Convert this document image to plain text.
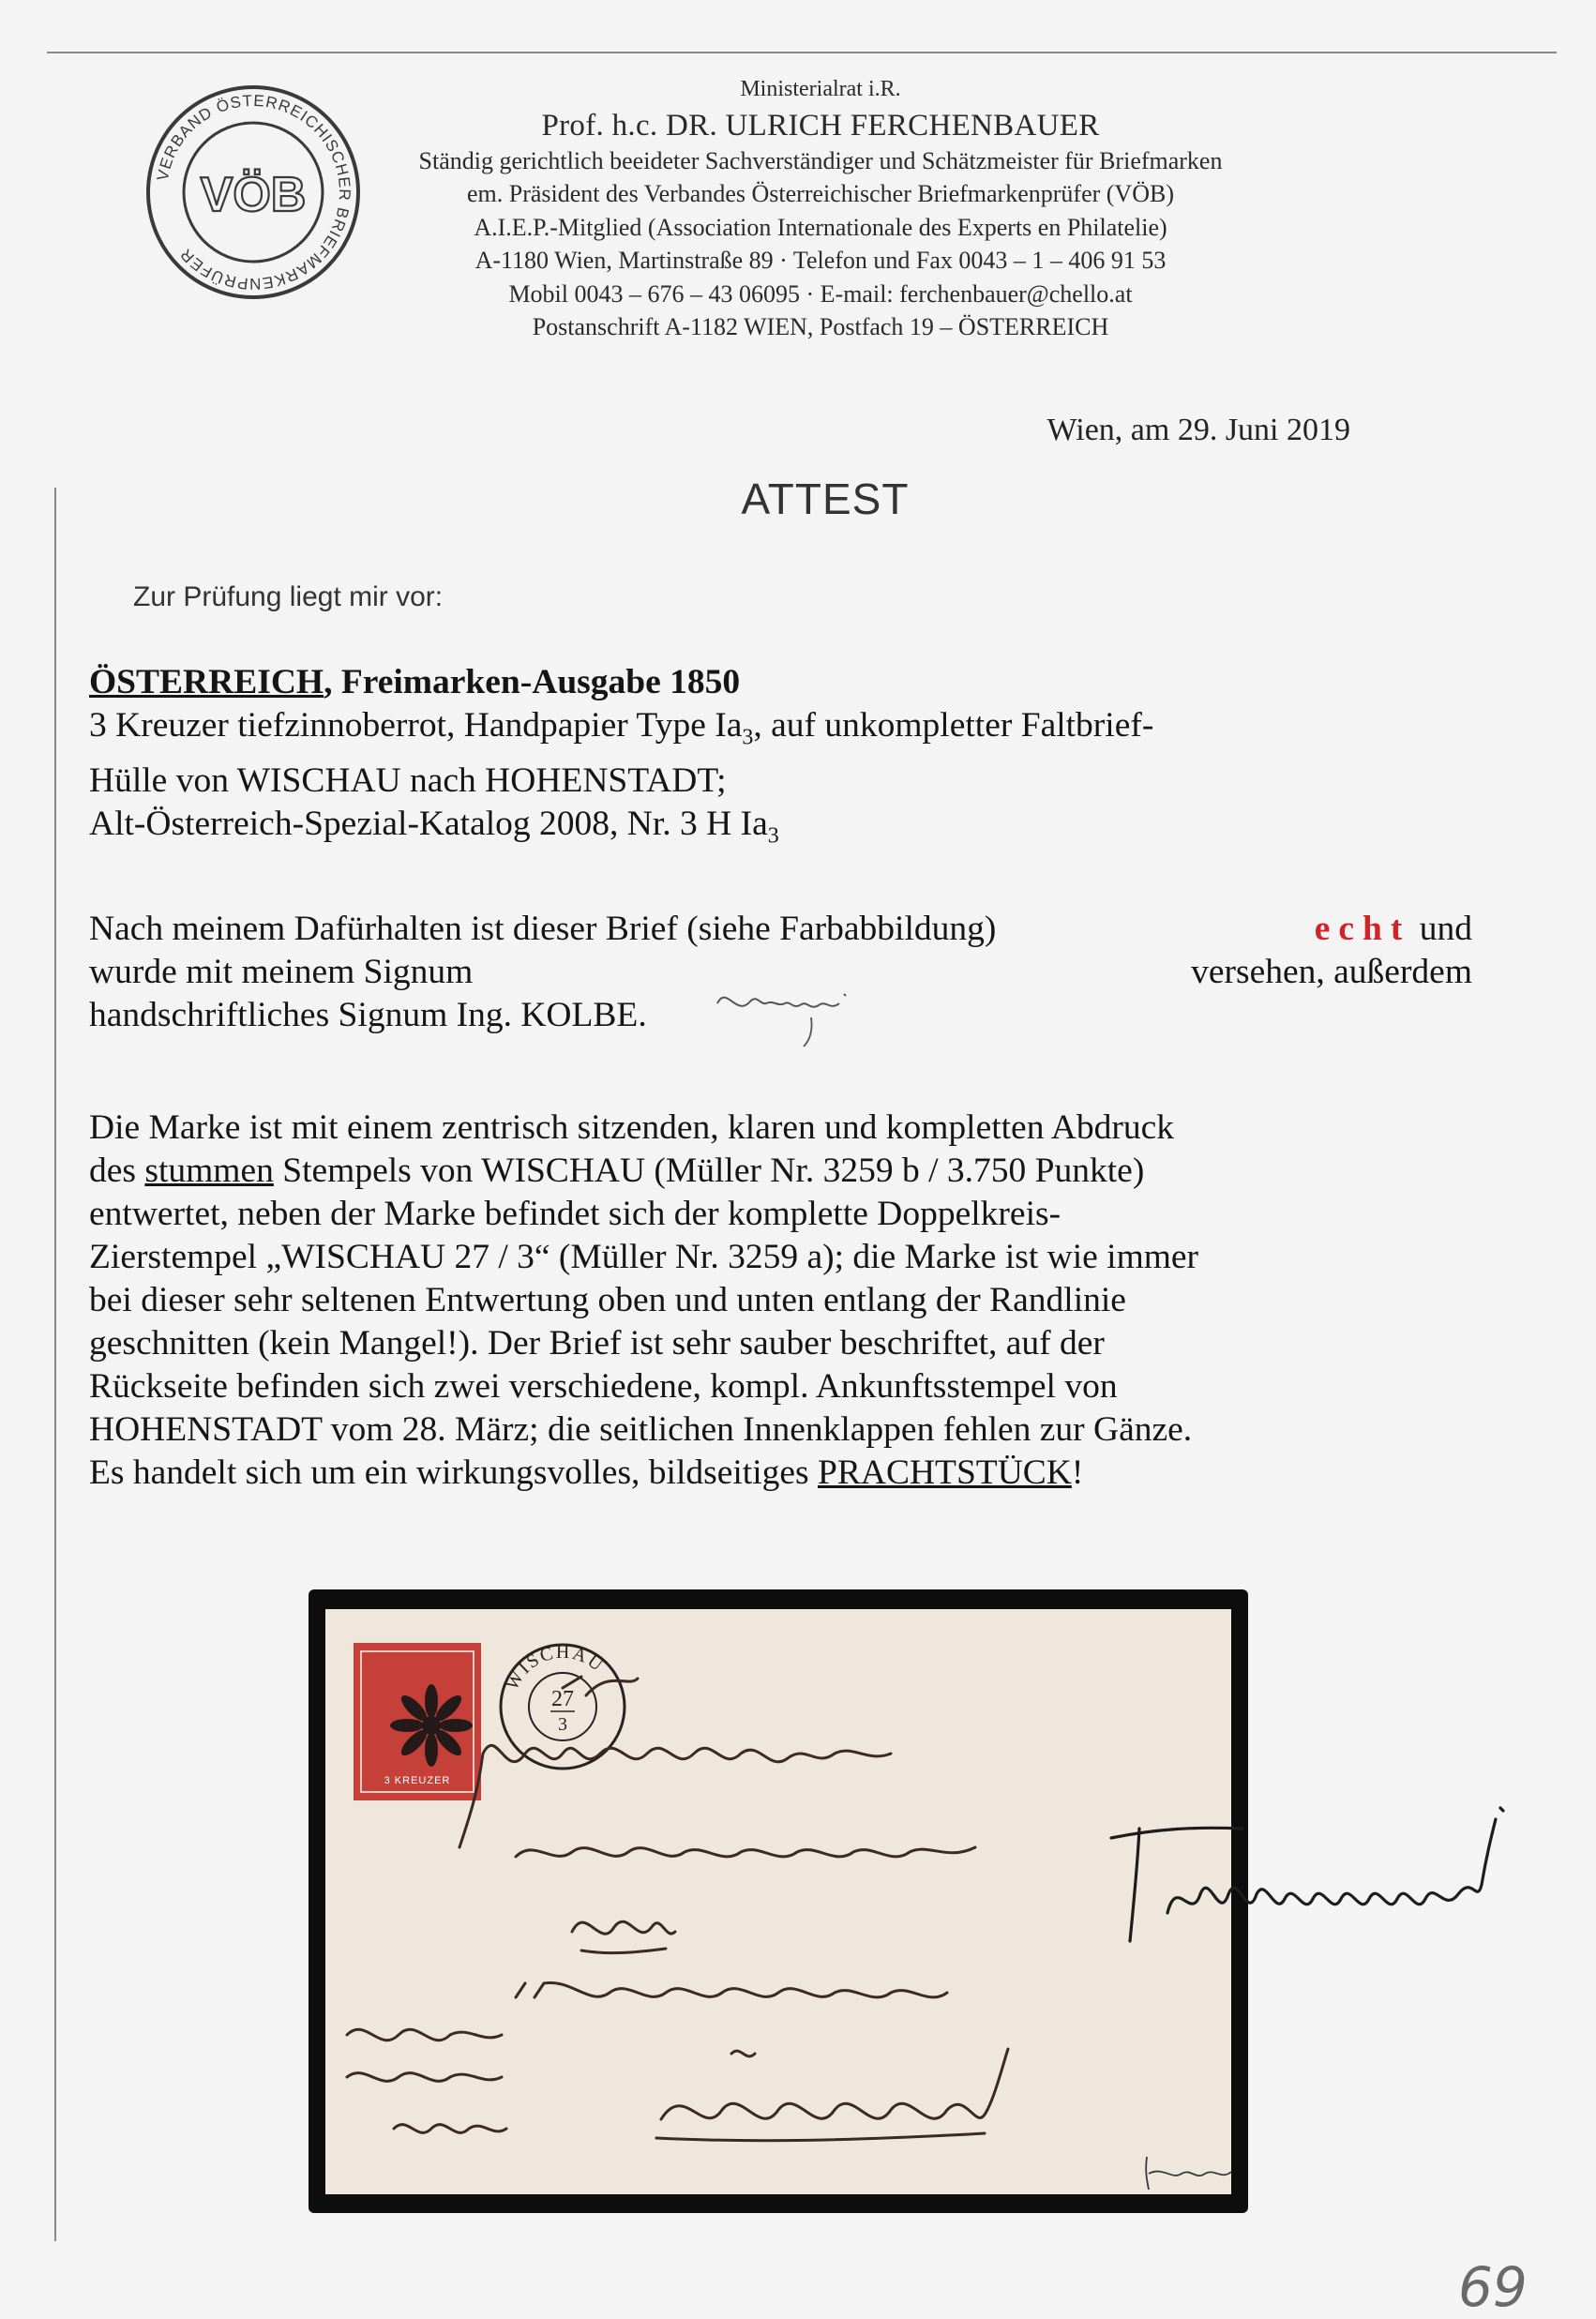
VERBAND ÖSTERREICHISCHER BRIEFMARKENPRÜFER
VÖB
Ministerialrat i.R.
Prof. h.c. DR. ULRICH FERCHENBAUER
Ständig gerichtlich beeideter Sachverständiger und Schätzmeister für Briefmarken
em. Präsident des Verbandes Österreichischer Briefmarkenprüfer (VÖB)
A.I.E.P.-Mitglied (Association Internationale des Experts en Philatelie)
A-1180 Wien, Martinstraße 89 · Telefon und Fax 0043 – 1 – 406 91 53
Mobil 0043 – 676 – 43 06095 · E-mail: ferchenbauer@chello.at
Postanschrift A-1182 WIEN, Postfach 19 – ÖSTERREICH
Wien, am 29. Juni 2019
ATTEST
Zur Prüfung liegt mir vor:
ÖSTERREICH, Freimarken-Ausgabe 1850
3 Kreuzer tiefzinnoberrot, Handpapier Type $Ia_3$, auf unkompletter Faltbrief-
Hülle von WISCHAU nach HOHENSTADT;
Alt-Österreich-Spezial-Katalog 2008, Nr. 3 H $Ia_3$
Nach meinem Dafürhalten ist dieser Brief (siehe Farbabbildung)	echt und
wurde mit meinem Signum	versehen, außerdem
handschriftliches Signum Ing. KOLBE.
Die Marke ist mit einem zentrisch sitzenden, klaren und kompletten Abdruck
des stummen Stempels von WISCHAU (Müller Nr. 3259 b / 3.750 Punkte)
entwertet, neben der Marke befindet sich der komplette Doppelkreis-
Zierstempel „WISCHAU 27 / 3“ (Müller Nr. 3259 a); die Marke ist wie immer
bei dieser sehr seltenen Entwertung oben und unten entlang der Randlinie
geschnitten (kein Mangel!). Der Brief ist sehr sauber beschriftet, auf der
Rückseite befinden sich zwei verschiedene, kompl. Ankunftsstempel von
HOHENSTADT vom 28. März; die seitlichen Innenklappen fehlen zur Gänze.
Es handelt sich um ein wirkungsvolles, bildseitiges PRACHTSTÜCK!
3 KREUZER
WISCHAU
27
3
69
